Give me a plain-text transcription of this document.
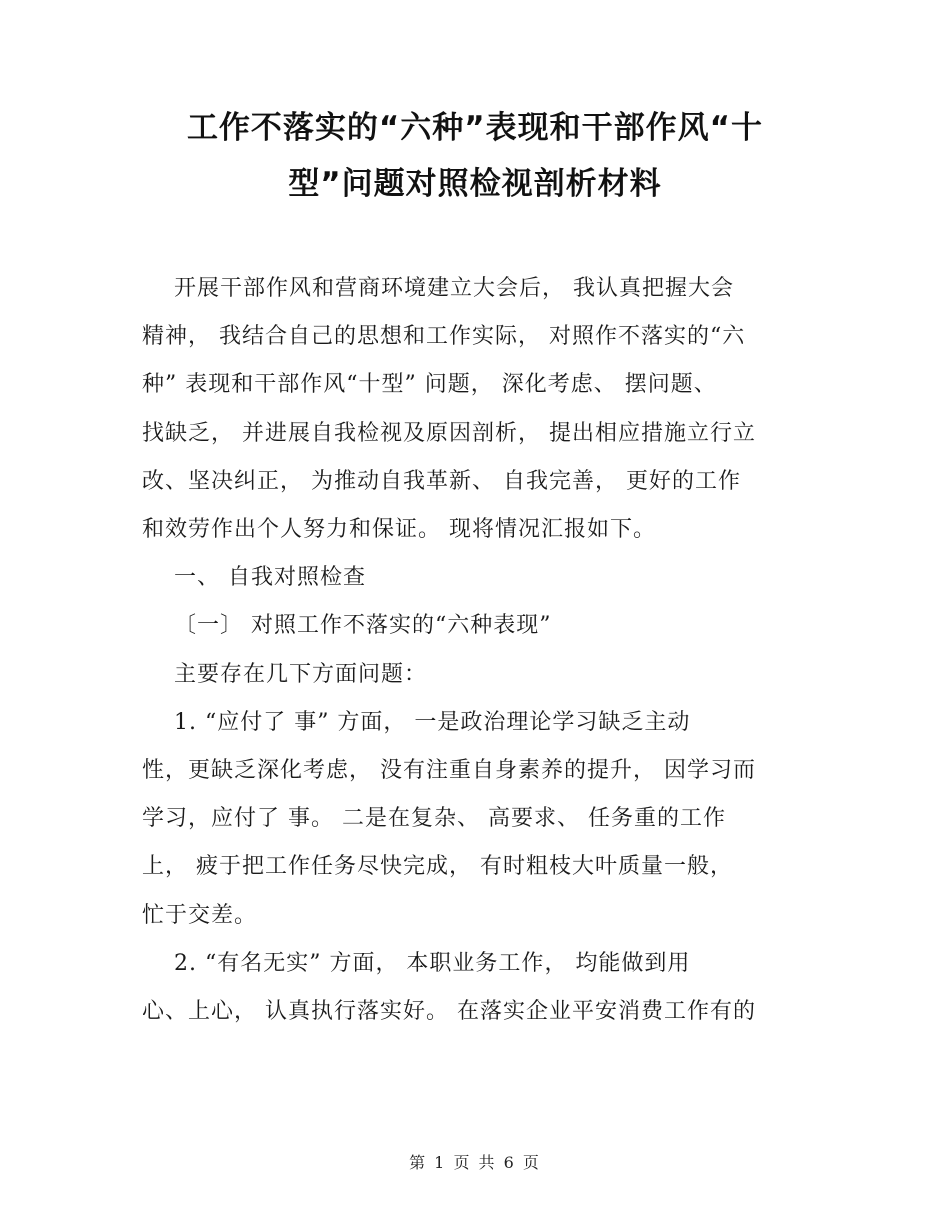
工作不落实的“六种”表现和干部作风“十
型”问题对照检视剖析材料
开展干部作风和营商环境建立大会后， 我认真把握大会
精神， 我结合自己的思想和工作实际， 对照作不落实的“六
种” 表现和干部作风“十型” 问题， 深化考虑、 摆问题、
找缺乏， 并进展自我检视及原因剖析， 提出相应措施立行立
改、坚决纠正， 为推动自我革新、 自我完善， 更好的工作
和效劳作出个人努力和保证。 现将情况汇报如下。
一、 自我对照检查
〔一〕 对照工作不落实的“六种表现”
主要存在几下方面问题：
1. “应付了 事” 方面， 一是政治理论学习缺乏主动
性，更缺乏深化考虑， 没有注重自身素养的提升， 因学习而
学习，应付了 事。 二是在复杂、 高要求、 任务重的工作
上， 疲于把工作任务尽快完成， 有时粗枝大叶质量一般，
忙于交差。
2. “有名无实” 方面， 本职业务工作， 均能做到用
心、上心， 认真执行落实好。 在落实企业平安消费工作有的
第 1 页 共 6 页
